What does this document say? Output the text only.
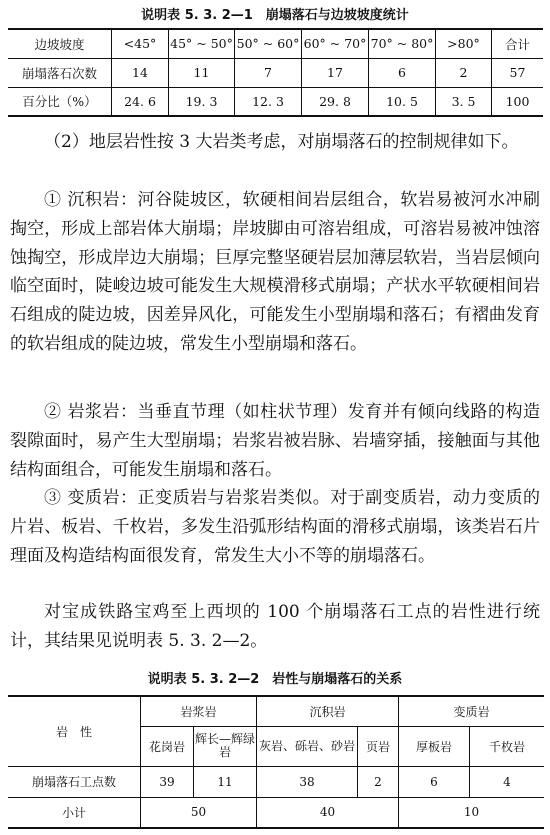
说明表 5. 3. 2—1　崩塌落石与边坡坡度统计
边坡坡度	<45°	45° ~ 50°	50° ~ 60°	60° ~ 70°	70° ~ 80°	>80°	合计
崩塌落石次数	14	11	7	17	6	2	57
百分比（%）	24. 6	19. 3	12. 3	29. 8	10. 5	3. 5	100

（2）地层岩性按 3 大岩类考虑，对崩塌落石的控制规律如下。

① 沉积岩：河谷陡坡区，软硬相间岩层组合，软岩易被河水冲刷掏空，形成上部岩体大崩塌；岸坡脚由可溶岩组成，可溶岩易被冲蚀溶蚀掏空，形成岸边大崩塌；巨厚完整坚硬岩层加薄层软岩，当岩层倾向临空面时，陡峻边坡可能发生大规模滑移式崩塌；产状水平软硬相间岩石组成的陡边坡，因差异风化，可能发生小型崩塌和落石；有褶曲发育的软岩组成的陡边坡，常发生小型崩塌和落石。

② 岩浆岩：当垂直节理（如柱状节理）发育并有倾向线路的构造裂隙面时，易产生大型崩塌；岩浆岩被岩脉、岩墙穿插，接触面与其他结构面组合，可能发生崩塌和落石。

③ 变质岩：正变质岩与岩浆岩类似。对于副变质岩，动力变质的片岩、板岩、千枚岩，多发生沿弧形结构面的滑移式崩塌，该类岩石片理面及构造结构面很发育，常发生大小不等的崩塌落石。

对宝成铁路宝鸡至上西坝的 100 个崩塌落石工点的岩性进行统计，其结果见说明表 5. 3. 2—2。

说明表 5. 3. 2—2　岩性与崩塌落石的关系
岩　性	岩浆岩		沉积岩		变质岩	
	花岗岩	辉长—辉绿岩	灰岩、砾岩、砂岩	页岩	厚板岩	千枚岩
崩塌落石工点数	39	11	38	2	6	4
小计	50		40		10	
